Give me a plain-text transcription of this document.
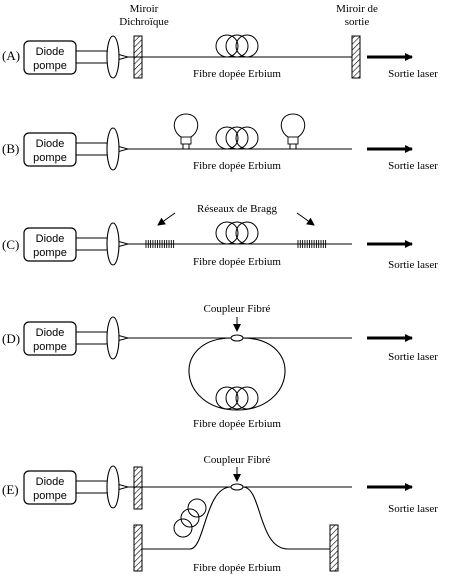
(A) Diode
pompe
Miroir
Dichroïque
Miroir de
sortie
Fibre dopée Erbium	Sortie laser
(B) Diode
pompe
Fibre dopée Erbium	Sortie laser
(C) Diode
pompe
Réseaux de Bragg
Fibre dopée Erbium	Sortie laser
(D) Diode
pompe
Coupleur Fibré
Fibre dopée Erbium
Sortie laser
(E) Diode
pompe
Coupleur Fibré
Fibre dopée Erbium
Sortie laser
